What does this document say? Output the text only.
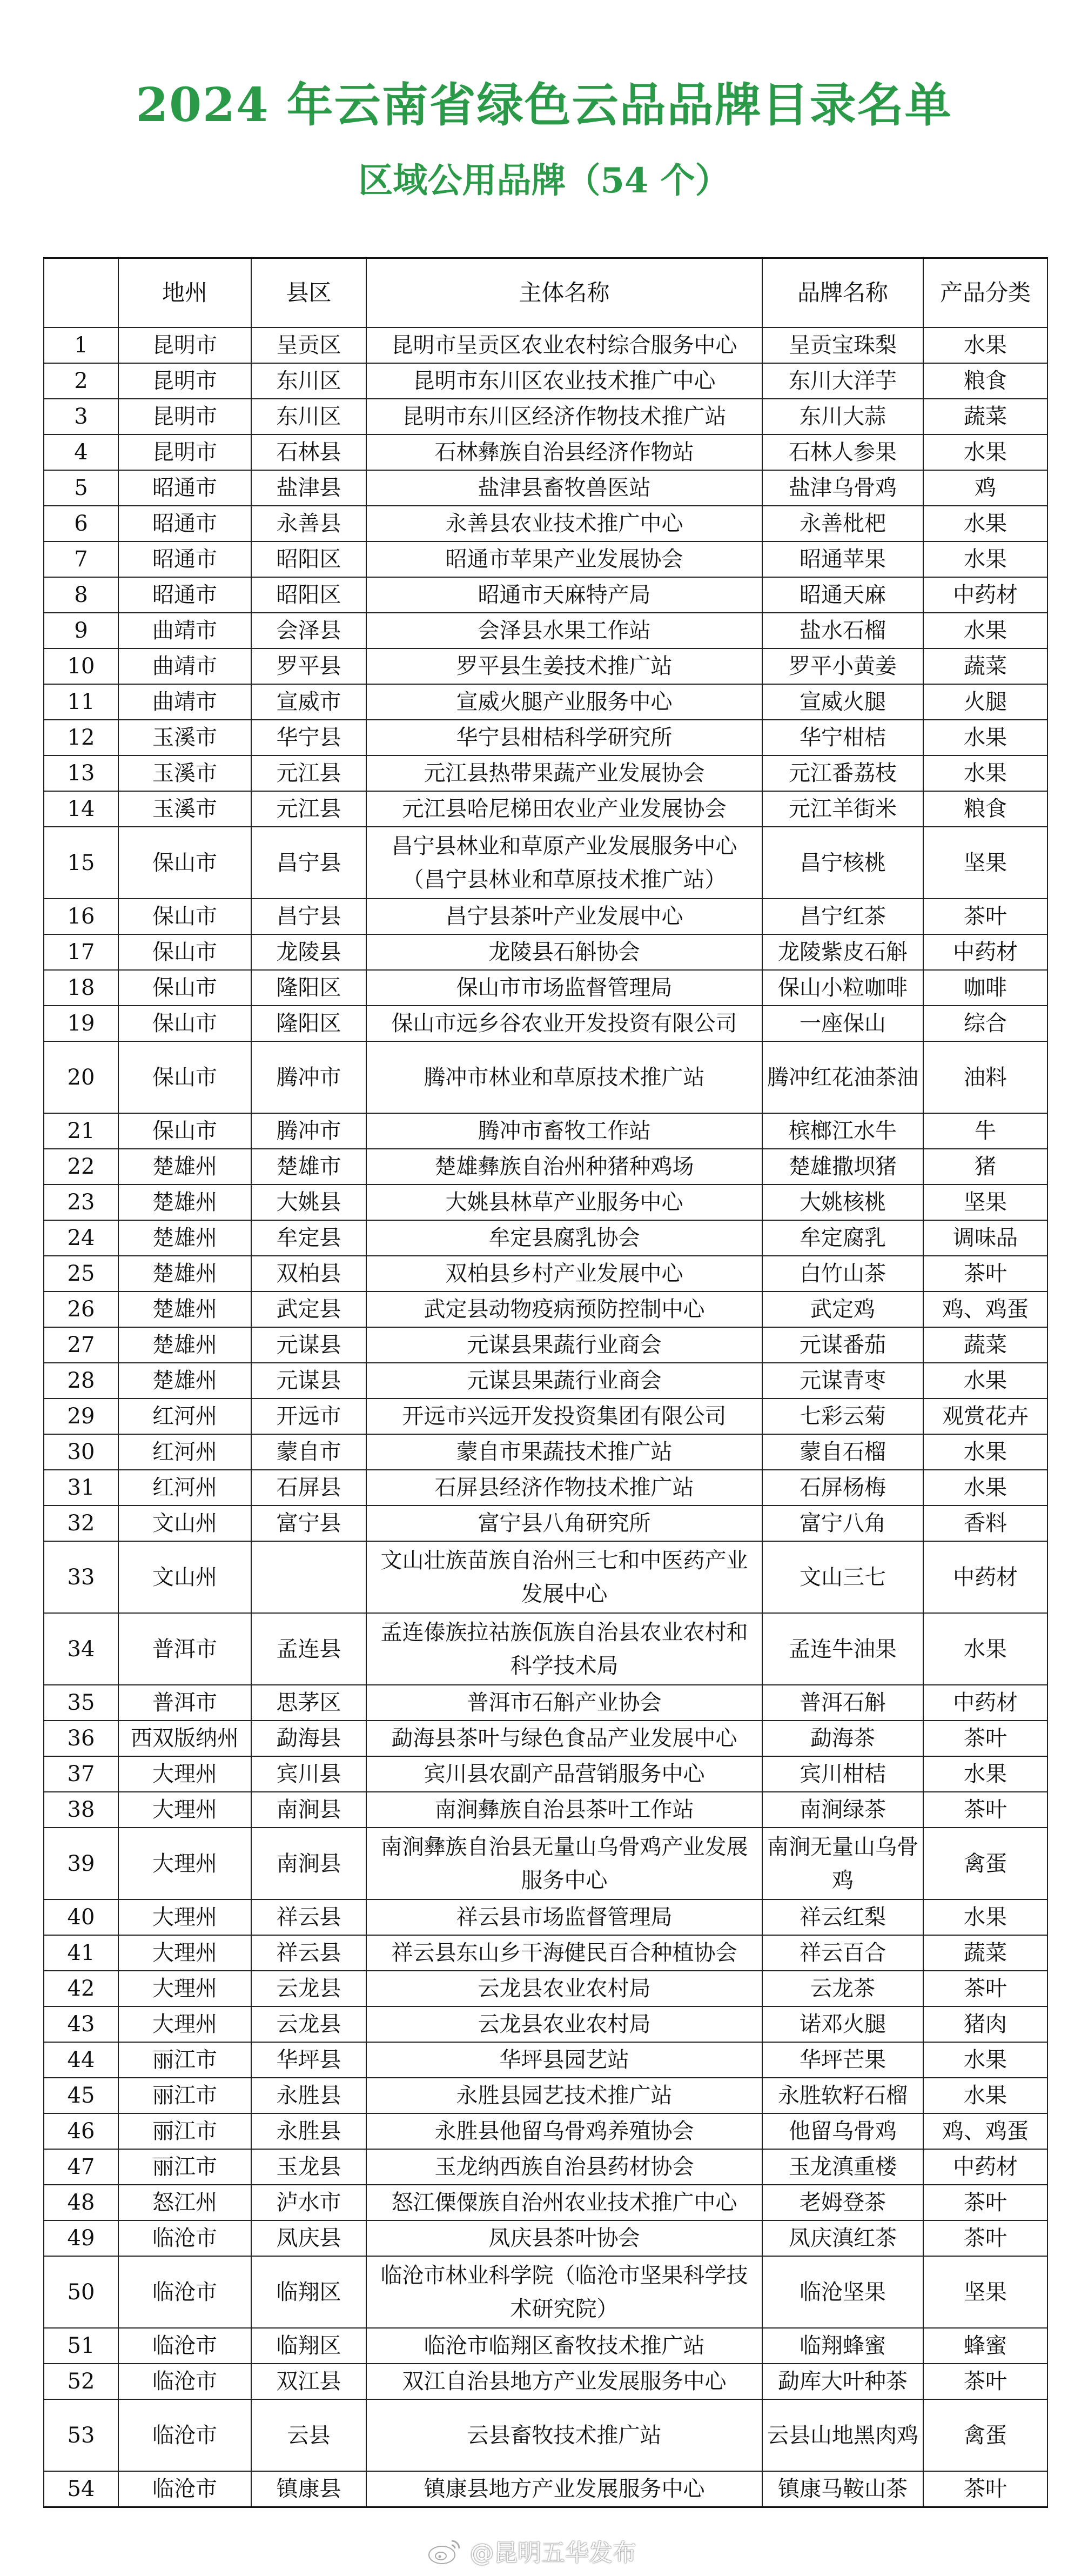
2024 年云南省绿色云品品牌目录名单
区域公用品牌（54 个）
	地州	县区	主体名称	品牌名称	产品分类
1	昆明市	呈贡区	昆明市呈贡区农业农村综合服务中心	呈贡宝珠梨	水果
2	昆明市	东川区	昆明市东川区农业技术推广中心	东川大洋芋	粮食
3	昆明市	东川区	昆明市东川区经济作物技术推广站	东川大蒜	蔬菜
4	昆明市	石林县	石林彝族自治县经济作物站	石林人参果	水果
5	昭通市	盐津县	盐津县畜牧兽医站	盐津乌骨鸡	鸡
6	昭通市	永善县	永善县农业技术推广中心	永善枇杷	水果
7	昭通市	昭阳区	昭通市苹果产业发展协会	昭通苹果	水果
8	昭通市	昭阳区	昭通市天麻特产局	昭通天麻	中药材
9	曲靖市	会泽县	会泽县水果工作站	盐水石榴	水果
10	曲靖市	罗平县	罗平县生姜技术推广站	罗平小黄姜	蔬菜
11	曲靖市	宣威市	宣威火腿产业服务中心	宣威火腿	火腿
12	玉溪市	华宁县	华宁县柑桔科学研究所	华宁柑桔	水果
13	玉溪市	元江县	元江县热带果蔬产业发展协会	元江番荔枝	水果
14	玉溪市	元江县	元江县哈尼梯田农业产业发展协会	元江羊街米	粮食
15	保山市	昌宁县	昌宁县林业和草原产业发展服务中心（昌宁县林业和草原技术推广站）	昌宁核桃	坚果
16	保山市	昌宁县	昌宁县茶叶产业发展中心	昌宁红茶	茶叶
17	保山市	龙陵县	龙陵县石斛协会	龙陵紫皮石斛	中药材
18	保山市	隆阳区	保山市市场监督管理局	保山小粒咖啡	咖啡
19	保山市	隆阳区	保山市远乡谷农业开发投资有限公司	一座保山	综合
20	保山市	腾冲市	腾冲市林业和草原技术推广站	腾冲红花油茶油	油料
21	保山市	腾冲市	腾冲市畜牧工作站	槟榔江水牛	牛
22	楚雄州	楚雄市	楚雄彝族自治州种猪种鸡场	楚雄撒坝猪	猪
23	楚雄州	大姚县	大姚县林草产业服务中心	大姚核桃	坚果
24	楚雄州	牟定县	牟定县腐乳协会	牟定腐乳	调味品
25	楚雄州	双柏县	双柏县乡村产业发展中心	白竹山茶	茶叶
26	楚雄州	武定县	武定县动物疫病预防控制中心	武定鸡	鸡、鸡蛋
27	楚雄州	元谋县	元谋县果蔬行业商会	元谋番茄	蔬菜
28	楚雄州	元谋县	元谋县果蔬行业商会	元谋青枣	水果
29	红河州	开远市	开远市兴远开发投资集团有限公司	七彩云菊	观赏花卉
30	红河州	蒙自市	蒙自市果蔬技术推广站	蒙自石榴	水果
31	红河州	石屏县	石屏县经济作物技术推广站	石屏杨梅	水果
32	文山州	富宁县	富宁县八角研究所	富宁八角	香料
33	文山州		文山壮族苗族自治州三七和中医药产业发展中心	文山三七	中药材
34	普洱市	孟连县	孟连傣族拉祜族佤族自治县农业农村和科学技术局	孟连牛油果	水果
35	普洱市	思茅区	普洱市石斛产业协会	普洱石斛	中药材
36	西双版纳州	勐海县	勐海县茶叶与绿色食品产业发展中心	勐海茶	茶叶
37	大理州	宾川县	宾川县农副产品营销服务中心	宾川柑桔	水果
38	大理州	南涧县	南涧彝族自治县茶叶工作站	南涧绿茶	茶叶
39	大理州	南涧县	南涧彝族自治县无量山乌骨鸡产业发展服务中心	南涧无量山乌骨鸡	禽蛋
40	大理州	祥云县	祥云县市场监督管理局	祥云红梨	水果
41	大理州	祥云县	祥云县东山乡干海健民百合种植协会	祥云百合	蔬菜
42	大理州	云龙县	云龙县农业农村局	云龙茶	茶叶
43	大理州	云龙县	云龙县农业农村局	诺邓火腿	猪肉
44	丽江市	华坪县	华坪县园艺站	华坪芒果	水果
45	丽江市	永胜县	永胜县园艺技术推广站	永胜软籽石榴	水果
46	丽江市	永胜县	永胜县他留乌骨鸡养殖协会	他留乌骨鸡	鸡、鸡蛋
47	丽江市	玉龙县	玉龙纳西族自治县药材协会	玉龙滇重楼	中药材
48	怒江州	泸水市	怒江傈僳族自治州农业技术推广中心	老姆登茶	茶叶
49	临沧市	凤庆县	凤庆县茶叶协会	凤庆滇红茶	茶叶
50	临沧市	临翔区	临沧市林业科学院（临沧市坚果科学技术研究院）	临沧坚果	坚果
51	临沧市	临翔区	临沧市临翔区畜牧技术推广站	临翔蜂蜜	蜂蜜
52	临沧市	双江县	双江自治县地方产业发展服务中心	勐库大叶种茶	茶叶
53	临沧市	云县	云县畜牧技术推广站	云县山地黑肉鸡	禽蛋
54	临沧市	镇康县	镇康县地方产业发展服务中心	镇康马鞍山茶	茶叶
@昆明五华发布
